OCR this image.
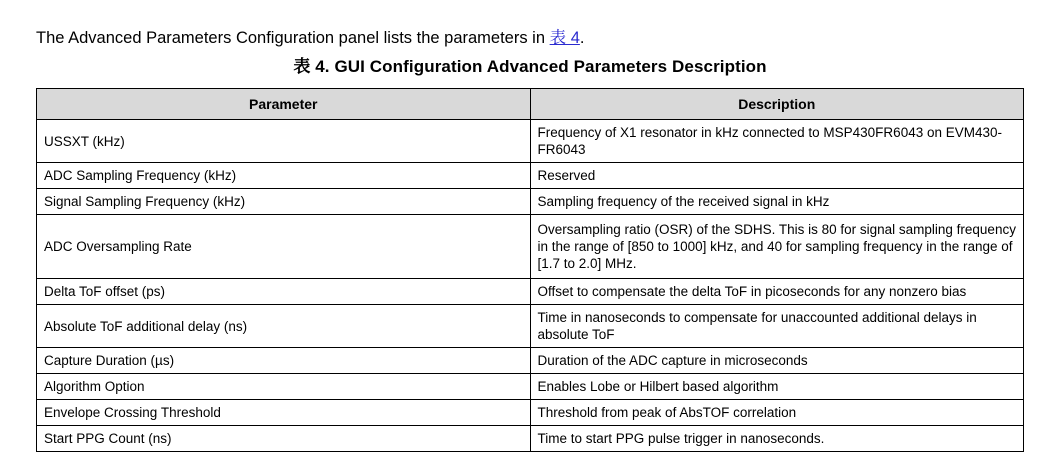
The Advanced Parameters Configuration panel lists the parameters in 表 4.

表 4. GUI Configuration Advanced Parameters Description
Parameter	Description
USSXT (kHz)	Frequency of X1 resonator in kHz connected to MSP430FR6043 on EVM430-FR6043
ADC Sampling Frequency (kHz)	Reserved
Signal Sampling Frequency (kHz)	Sampling frequency of the received signal in kHz
ADC Oversampling Rate	Oversampling ratio (OSR) of the SDHS. This is 80 for signal sampling frequency in the range of [850 to 1000] kHz, and 40 for sampling frequency in the range of [1.7 to 2.0] MHz.
Delta ToF offset (ps)	Offset to compensate the delta ToF in picoseconds for any nonzero bias
Absolute ToF additional delay (ns)	Time in nanoseconds to compensate for unaccounted additional delays in absolute ToF
Capture Duration (µs)	Duration of the ADC capture in microseconds
Algorithm Option	Enables Lobe or Hilbert based algorithm
Envelope Crossing Threshold	Threshold from peak of AbsTOF correlation
Start PPG Count (ns)	Time to start PPG pulse trigger in nanoseconds.
